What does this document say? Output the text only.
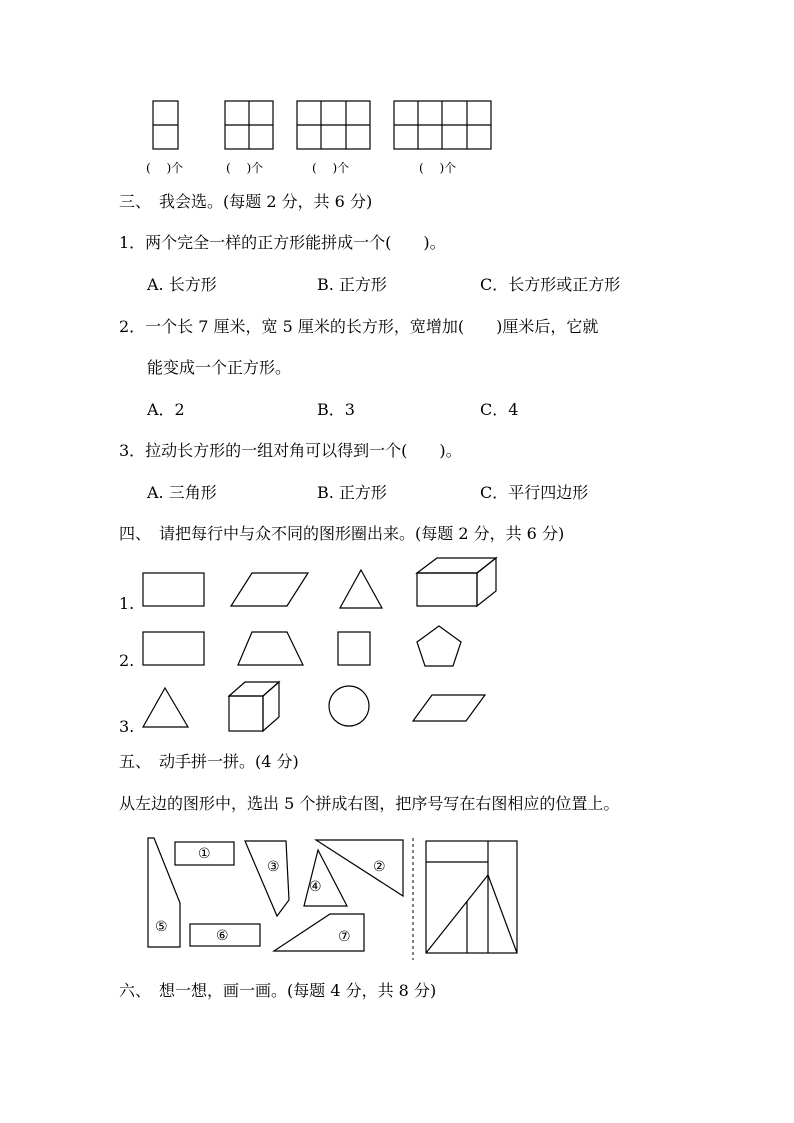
(　 )个	(　 )个	(　 )个	(　 )个
三、　我会选。(每题 2 分，共 6 分)
1．两个完全一样的正方形能拼成一个(　　)。
A. 长方形	B. 正方形	C．长方形或正方形
2．一个长 7 厘米，宽 5 厘米的长方形，宽增加(　　)厘米后，它就
能变成一个正方形。
A．2	B．3	C．4
3．拉动长方形的一组对角可以得到一个(　　)。
A. 三角形	B. 正方形	C．平行四边形
四、　请把每行中与众不同的图形圈出来。(每题 2 分，共 6 分)
1.
2.
3.
五、　动手拼一拼。(4 分)
从左边的图形中，选出 5 个拼成右图，把序号写在右图相应的位置上。
①
②
③
④
⑤
⑥	⑦
六、　想一想，画一画。(每题 4 分，共 8 分)
